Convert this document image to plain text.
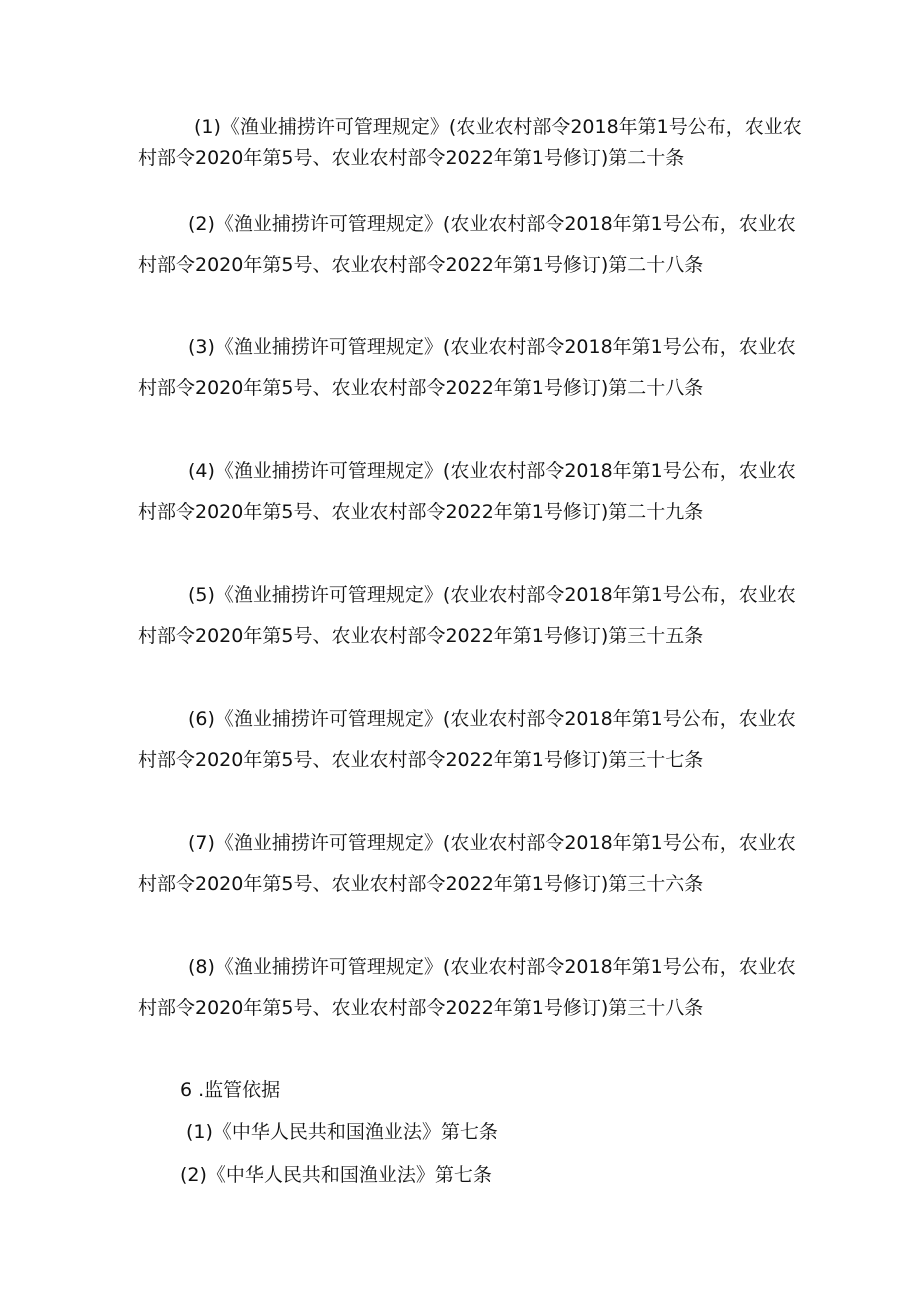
(1)《渔业捕捞许可管理规定》(农业农村部令2018年第1号公布，农业农村部令2020年第5号、农业农村部令2022年第1号修订)第二十条

(2)《渔业捕捞许可管理规定》(农业农村部令2018年第1号公布，农业农村部令2020年第5号、农业农村部令2022年第1号修订)第二十八条

(3)《渔业捕捞许可管理规定》(农业农村部令2018年第1号公布，农业农村部令2020年第5号、农业农村部令2022年第1号修订)第二十八条

(4)《渔业捕捞许可管理规定》(农业农村部令2018年第1号公布，农业农村部令2020年第5号、农业农村部令2022年第1号修订)第二十九条

(5)《渔业捕捞许可管理规定》(农业农村部令2018年第1号公布，农业农村部令2020年第5号、农业农村部令2022年第1号修订)第三十五条

(6)《渔业捕捞许可管理规定》(农业农村部令2018年第1号公布，农业农村部令2020年第5号、农业农村部令2022年第1号修订)第三十七条

(7)《渔业捕捞许可管理规定》(农业农村部令2018年第1号公布，农业农村部令2020年第5号、农业农村部令2022年第1号修订)第三十六条

(8)《渔业捕捞许可管理规定》(农业农村部令2018年第1号公布，农业农村部令2020年第5号、农业农村部令2022年第1号修订)第三十八条

6 .监管依据

(1)《中华人民共和国渔业法》第七条

(2)《中华人民共和国渔业法》第七条
